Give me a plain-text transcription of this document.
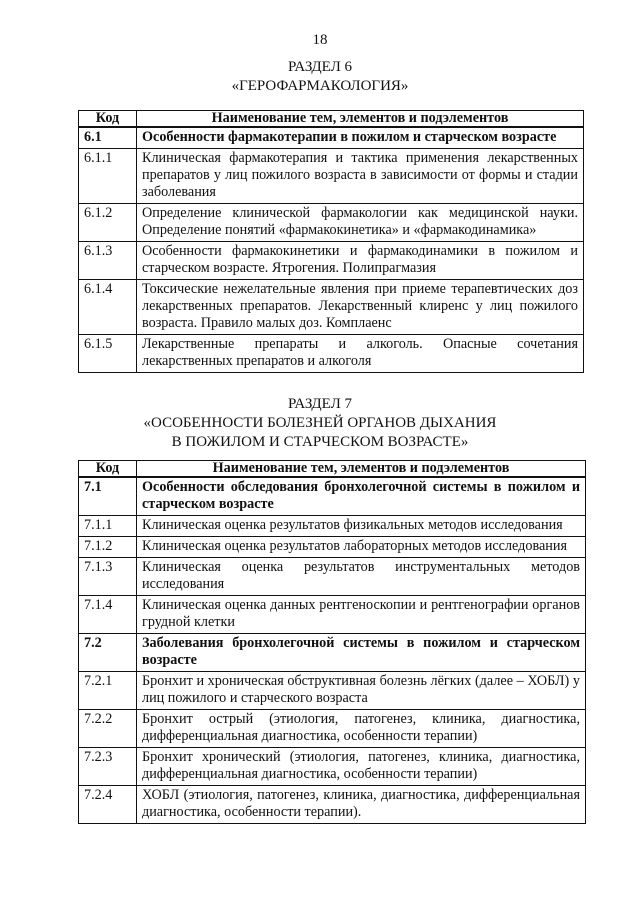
18
РАЗДЕЛ 6
«ГЕРОФАРМАКОЛОГИЯ»
Код	Наименование тем, элементов и подэлементов
6.1	Особенности фармакотерапии в пожилом и старческом возрасте
6.1.1	Клиническая фармакотерапия и тактика применения лекарственных препаратов у лиц пожилого возраста в зависимости от формы и стадии заболевания
6.1.2	Определение клинической фармакологии как медицинской науки. Определение понятий «фармакокинетика» и «фармакодинамика»
6.1.3	Особенности фармакокинетики и фармакодинамики в пожилом и старческом возрасте. Ятрогения. Полипрагмазия
6.1.4	Токсические нежелательные явления при приеме терапевтических доз лекарственных препаратов. Лекарственный клиренс у лиц пожилого возраста. Правило малых доз. Комплаенс
6.1.5	Лекарственные препараты и алкоголь. Опасные сочетания лекарственных препаратов и алкоголя
РАЗДЕЛ 7
«ОСОБЕННОСТИ БОЛЕЗНЕЙ ОРГАНОВ ДЫХАНИЯ
В ПОЖИЛОМ И СТАРЧЕСКОМ ВОЗРАСТЕ»
Код	Наименование тем, элементов и подэлементов
7.1	Особенности обследования бронхолегочной системы в пожилом и старческом возрасте
7.1.1	Клиническая оценка результатов физикальных методов исследования
7.1.2	Клиническая оценка результатов лабораторных методов исследования
7.1.3	Клиническая оценка результатов инструментальных методов исследования
7.1.4	Клиническая оценка данных рентгеноскопии и рентгенографии органов грудной клетки
7.2	Заболевания бронхолегочной системы в пожилом и старческом возрасте
7.2.1	Бронхит и хроническая обструктивная болезнь лёгких (далее – ХОБЛ) у лиц пожилого и старческого возраста
7.2.2	Бронхит острый (этиология, патогенез, клиника, диагностика, дифференциальная диагностика, особенности терапии)
7.2.3	Бронхит хронический (этиология, патогенез, клиника, диагностика, дифференциальная диагностика, особенности терапии)
7.2.4	ХОБЛ (этиология, патогенез, клиника, диагностика, дифференциальная диагностика, особенности терапии).
